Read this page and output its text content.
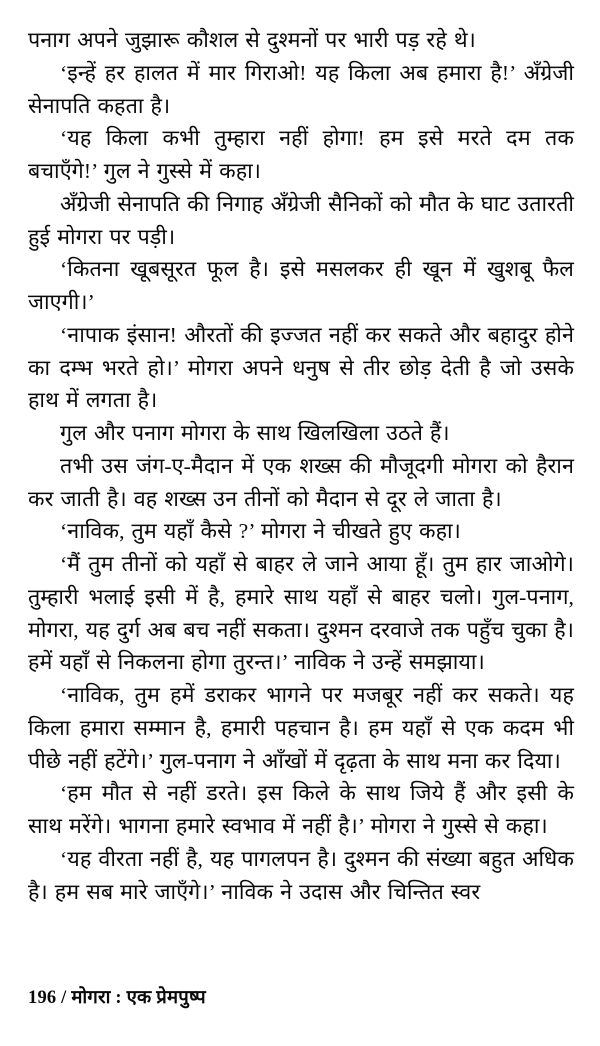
पनाग अपने जुझारू कौशल से दुश्मनों पर भारी पड़ रहे थे।

‘इन्हें हर हालत में मार गिराओ! यह किला अब हमारा है!’ अँग्रेजी सेनापति कहता है।

‘यह किला कभी तुम्हारा नहीं होगा! हम इसे मरते दम तक बचाएँगे!’ गुल ने गुस्से में कहा।

अँग्रेजी सेनापति की निगाह अँग्रेजी सैनिकों को मौत के घाट उतारती हुई मोगरा पर पड़ी।

‘कितना खूबसूरत फूल है। इसे मसलकर ही खून में खुशबू फैल जाएगी।’

‘नापाक इंसान! औरतों की इज्जत नहीं कर सकते और बहादुर होने का दम्भ भरते हो।’ मोगरा अपने धनुष से तीर छोड़ देती है जो उसके हाथ में लगता है।

गुल और पनाग मोगरा के साथ खिलखिला उठते हैं।

तभी उस जंग-ए-मैदान में एक शख्स की मौजूदगी मोगरा को हैरान कर जाती है। वह शख्स उन तीनों को मैदान से दूर ले जाता है।

‘नाविक, तुम यहाँ कैसे ?’ मोगरा ने चीखते हुए कहा।

‘मैं तुम तीनों को यहाँ से बाहर ले जाने आया हूँ। तुम हार जाओगे। तुम्हारी भलाई इसी में है, हमारे साथ यहाँ से बाहर चलो। गुल-पनाग, मोगरा, यह दुर्ग अब बच नहीं सकता। दुश्मन दरवाजे तक पहुँच चुका है। हमें यहाँ से निकलना होगा तुरन्त।’ नाविक ने उन्हें समझाया।

‘नाविक, तुम हमें डराकर भागने पर मजबूर नहीं कर सकते। यह किला हमारा सम्मान है, हमारी पहचान है। हम यहाँ से एक कदम भी पीछे नहीं हटेंगे।’ गुल-पनाग ने आँखों में दृढ़ता के साथ मना कर दिया।

‘हम मौत से नहीं डरते। इस किले के साथ जिये हैं और इसी के साथ मरेंगे। भागना हमारे स्वभाव में नहीं है।’ मोगरा ने गुस्से से कहा।

‘यह वीरता नहीं है, यह पागलपन है। दुश्मन की संख्या बहुत अधिक है। हम सब मारे जाएँगे।’ नाविक ने उदास और चिन्तित स्वर

196 / मोगरा : एक प्रेमपुष्प
